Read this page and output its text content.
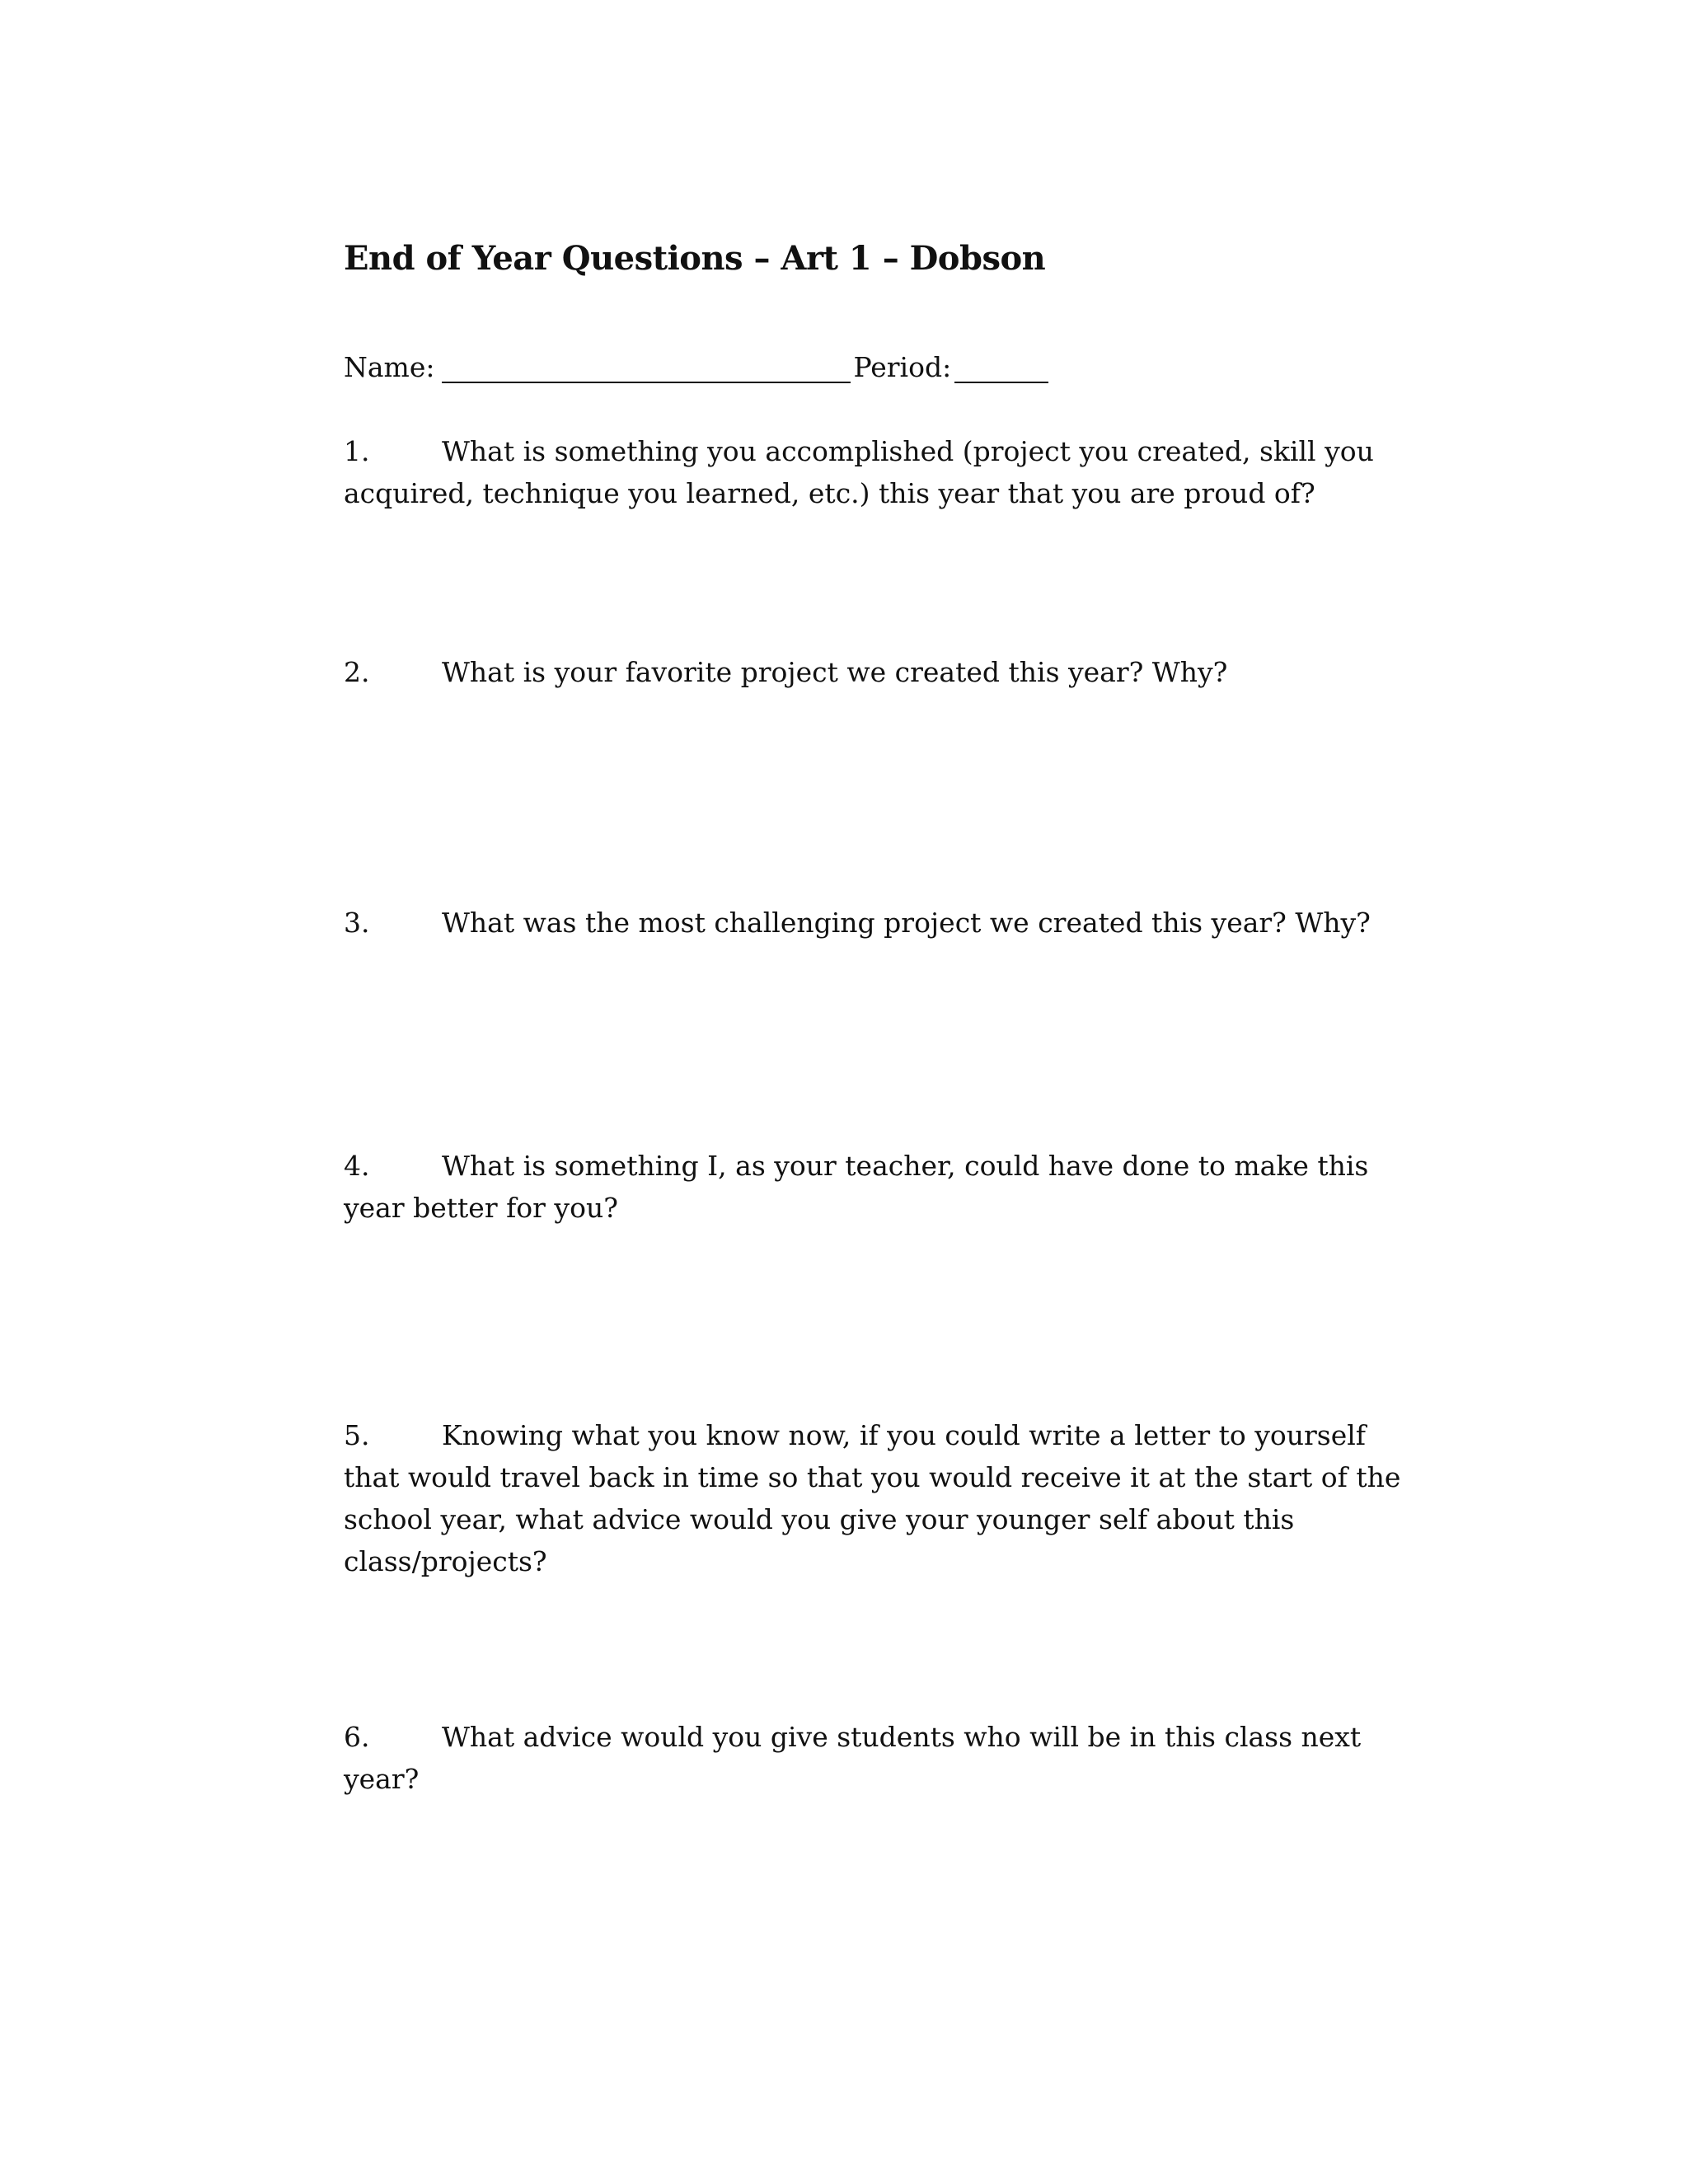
End of Year Questions – Art 1 – Dobson
Name:	Period:

1.	What is something you accomplished (project you created, skill you acquired, technique you learned, etc.) this year that you are proud of?

2.	What is your favorite project we created this year? Why?

3.	What was the most challenging project we created this year? Why?

4.	What is something I, as your teacher, could have done to make this year better for you?

5.	Knowing what you know now, if you could write a letter to yourself that would travel back in time so that you would receive it at the start of the school year, what advice would you give your younger self about this class/projects?

6.	What advice would you give students who will be in this class next year?
